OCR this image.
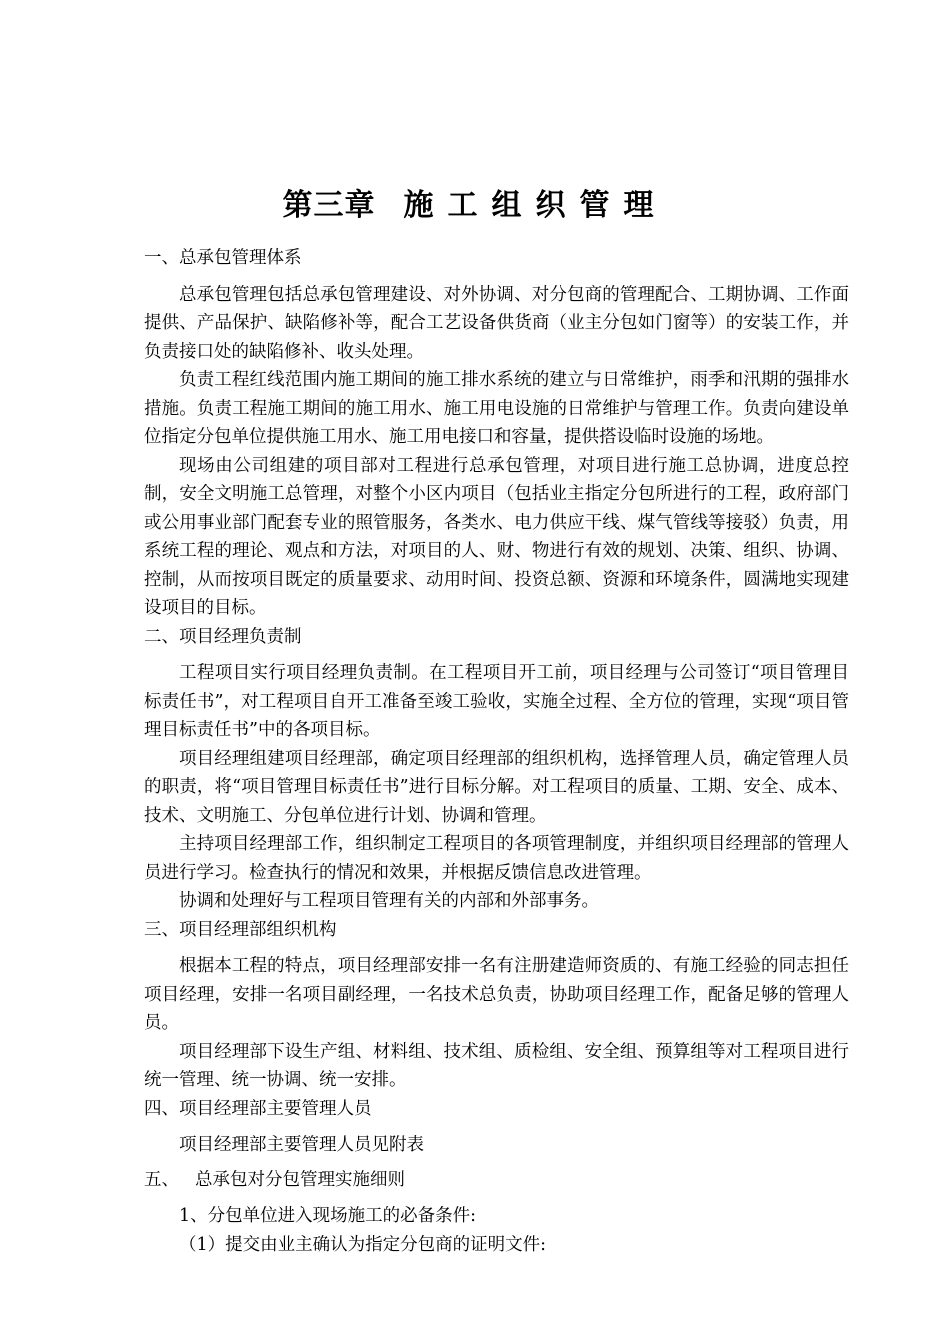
第三章 施工组织管理

一、总承包管理体系

总承包管理包括总承包管理建设、对外协调、对分包商的管理配合、工期协调、工作面提供、产品保护、缺陷修补等，配合工艺设备供货商（业主分包如门窗等）的安装工作，并负责接口处的缺陷修补、收头处理。

负责工程红线范围内施工期间的施工排水系统的建立与日常维护，雨季和汛期的强排水措施。负责工程施工期间的施工用水、施工用电设施的日常维护与管理工作。负责向建设单位指定分包单位提供施工用水、施工用电接口和容量，提供搭设临时设施的场地。

现场由公司组建的项目部对工程进行总承包管理，对项目进行施工总协调，进度总控制，安全文明施工总管理，对整个小区内项目（包括业主指定分包所进行的工程，政府部门或公用事业部门配套专业的照管服务，各类水、电力供应干线、煤气管线等接驳）负责，用系统工程的理论、观点和方法，对项目的人、财、物进行有效的规划、决策、组织、协调、控制，从而按项目既定的质量要求、动用时间、投资总额、资源和环境条件，圆满地实现建设项目的目标。

二、项目经理负责制

工程项目实行项目经理负责制。在工程项目开工前，项目经理与公司签订“项目管理目标责任书”，对工程项目自开工准备至竣工验收，实施全过程、全方位的管理，实现“项目管理目标责任书”中的各项目标。

项目经理组建项目经理部，确定项目经理部的组织机构，选择管理人员，确定管理人员的职责，将“项目管理目标责任书”进行目标分解。对工程项目的质量、工期、安全、成本、技术、文明施工、分包单位进行计划、协调和管理。

主持项目经理部工作，组织制定工程项目的各项管理制度，并组织项目经理部的管理人员进行学习。检查执行的情况和效果，并根据反馈信息改进管理。

协调和处理好与工程项目管理有关的内部和外部事务。

三、项目经理部组织机构

根据本工程的特点，项目经理部安排一名有注册建造师资质的、有施工经验的同志担任项目经理，安排一名项目副经理，一名技术总负责，协助项目经理工作，配备足够的管理人员。

项目经理部下设生产组、材料组、技术组、质检组、安全组、预算组等对工程项目进行统一管理、统一协调、统一安排。

四、项目经理部主要管理人员

项目经理部主要管理人员见附表

五、 总承包对分包管理实施细则

1、分包单位进入现场施工的必备条件:

（1）提交由业主确认为指定分包商的证明文件:
